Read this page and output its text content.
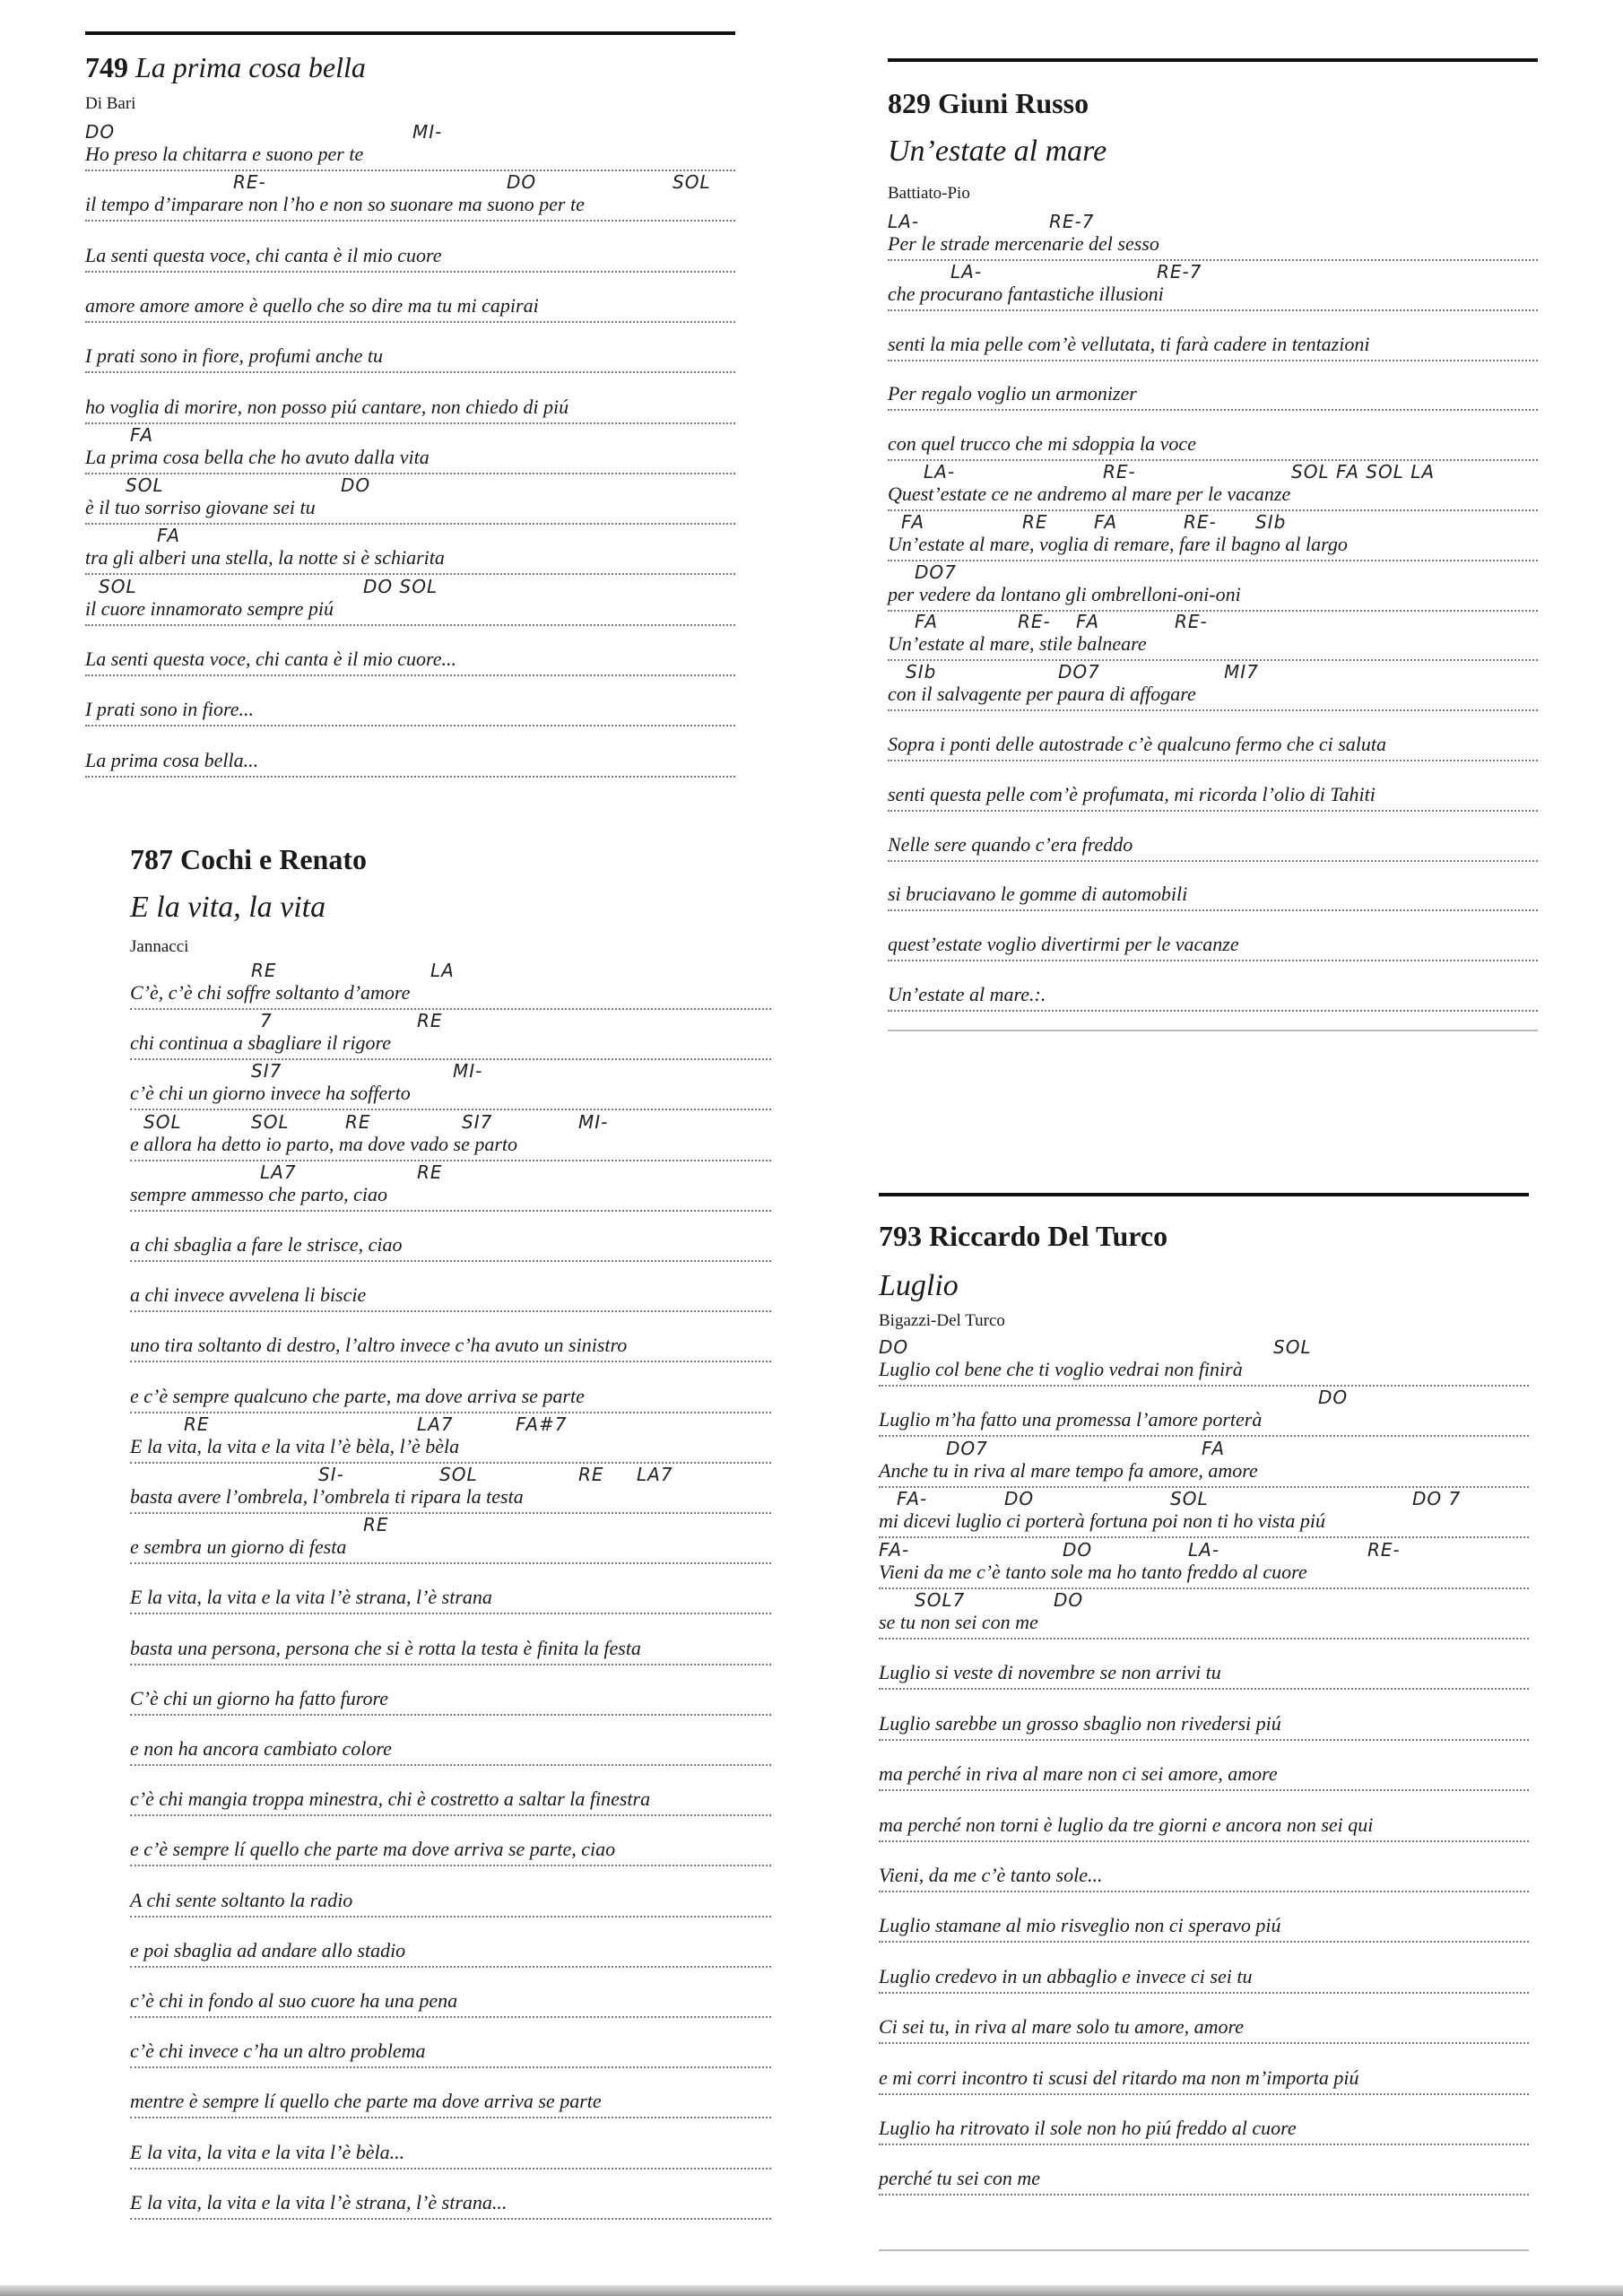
749 La prima cosa bella
Di Bari
DO	MI-
Ho preso la chitarra e suono per te
RE-	DO	SOL
il tempo d’imparare non l’ho e non so suonare ma suono per te
La senti questa voce, chi canta è il mio cuore
amore amore amore è quello che so dire ma tu mi capirai
I prati sono in fiore, profumi anche tu
ho voglia di morire, non posso piú cantare, non chiedo di piú
FA
La prima cosa bella che ho avuto dalla vita
SOL	DO
è il tuo sorriso giovane sei tu
FA
tra gli alberi una stella, la notte si è schiarita
SOL	DO SOL
il cuore innamorato sempre piú
La senti questa voce, chi canta è il mio cuore...
I prati sono in fiore...
La prima cosa bella...
829 Giuni Russo
Un’estate al mare
Battiato-Pio
LA-	RE-7
Per le strade mercenarie del sesso
LA-	RE-7
che procurano fantastiche illusioni
senti la mia pelle com’è vellutata, ti farà cadere in tentazioni
Per regalo voglio un armonizer
con quel trucco che mi sdoppia la voce
LA-	RE-	SOL FA SOL LA
Quest’estate ce ne andremo al mare per le vacanze
FA	RE	FA	RE- SIb
Un’estate al mare, voglia di remare, fare il bagno al largo
DO7
per vedere da lontano gli ombrelloni-oni-oni
FA	RE- FA	RE-
Un’estate al mare, stile balneare
SIb	DO7	MI7
con il salvagente per paura di affogare
Sopra i ponti delle autostrade c’è qualcuno fermo che ci saluta
senti questa pelle com’è profumata, mi ricorda l’olio di Tahiti
Nelle sere quando c’era freddo
si bruciavano le gomme di automobili
quest’estate voglio divertirmi per le vacanze
Un’estate al mare.:.
787 Cochi e Renato
E la vita, la vita
Jannacci
RE	LA
C’è, c’è chi soffre soltanto d’amore
7	RE
chi continua a sbagliare il rigore
SI7	MI-
c’è chi un giorno invece ha sofferto
SOL	SOL	RE	SI7	MI-
e allora ha detto io parto, ma dove vado se parto
LA7	RE
sempre ammesso che parto, ciao
a chi sbaglia a fare le strisce, ciao
a chi invece avvelena li biscie
uno tira soltanto di destro, l’altro invece c’ha avuto un sinistro
e c’è sempre qualcuno che parte, ma dove arriva se parte
RE	LA7	FA#7
E la vita, la vita e la vita l’è bèla, l’è bèla
SI-	SOL	RE LA7
basta avere l’ombrela, l’ombrela ti ripara la testa
RE
e sembra un giorno di festa
E la vita, la vita e la vita l’è strana, l’è strana
basta una persona, persona che si è rotta la testa è finita la festa
C’è chi un giorno ha fatto furore
e non ha ancora cambiato colore
c’è chi mangia troppa minestra, chi è costretto a saltar la finestra
e c’è sempre lí quello che parte ma dove arriva se parte, ciao
A chi sente soltanto la radio
e poi sbaglia ad andare allo stadio
c’è chi in fondo al suo cuore ha una pena
c’è chi invece c’ha un altro problema
mentre è sempre lí quello che parte ma dove arriva se parte
E la vita, la vita e la vita l’è bèla...
E la vita, la vita e la vita l’è strana, l’è strana...
793 Riccardo Del Turco
Luglio
Bigazzi-Del Turco
DO	SOL
Luglio col bene che ti voglio vedrai non finirà
DO
Luglio m’ha fatto una promessa l’amore porterà
DO7	FA
Anche tu in riva al mare tempo fa amore, amore
FA-	DO	SOL	DO 7
mi dicevi luglio ci porterà fortuna poi non ti ho vista piú
FA-	DO	LA-	RE-
Vieni da me c’è tanto sole ma ho tanto freddo al cuore
SOL7	DO
se tu non sei con me
Luglio si veste di novembre se non arrivi tu
Luglio sarebbe un grosso sbaglio non rivedersi piú
ma perché in riva al mare non ci sei amore, amore
ma perché non torni è luglio da tre giorni e ancora non sei qui
Vieni, da me c’è tanto sole...
Luglio stamane al mio risveglio non ci speravo piú
Luglio credevo in un abbaglio e invece ci sei tu
Ci sei tu, in riva al mare solo tu amore, amore
e mi corri incontro ti scusi del ritardo ma non m’importa piú
Luglio ha ritrovato il sole non ho piú freddo al cuore
perché tu sei con me
